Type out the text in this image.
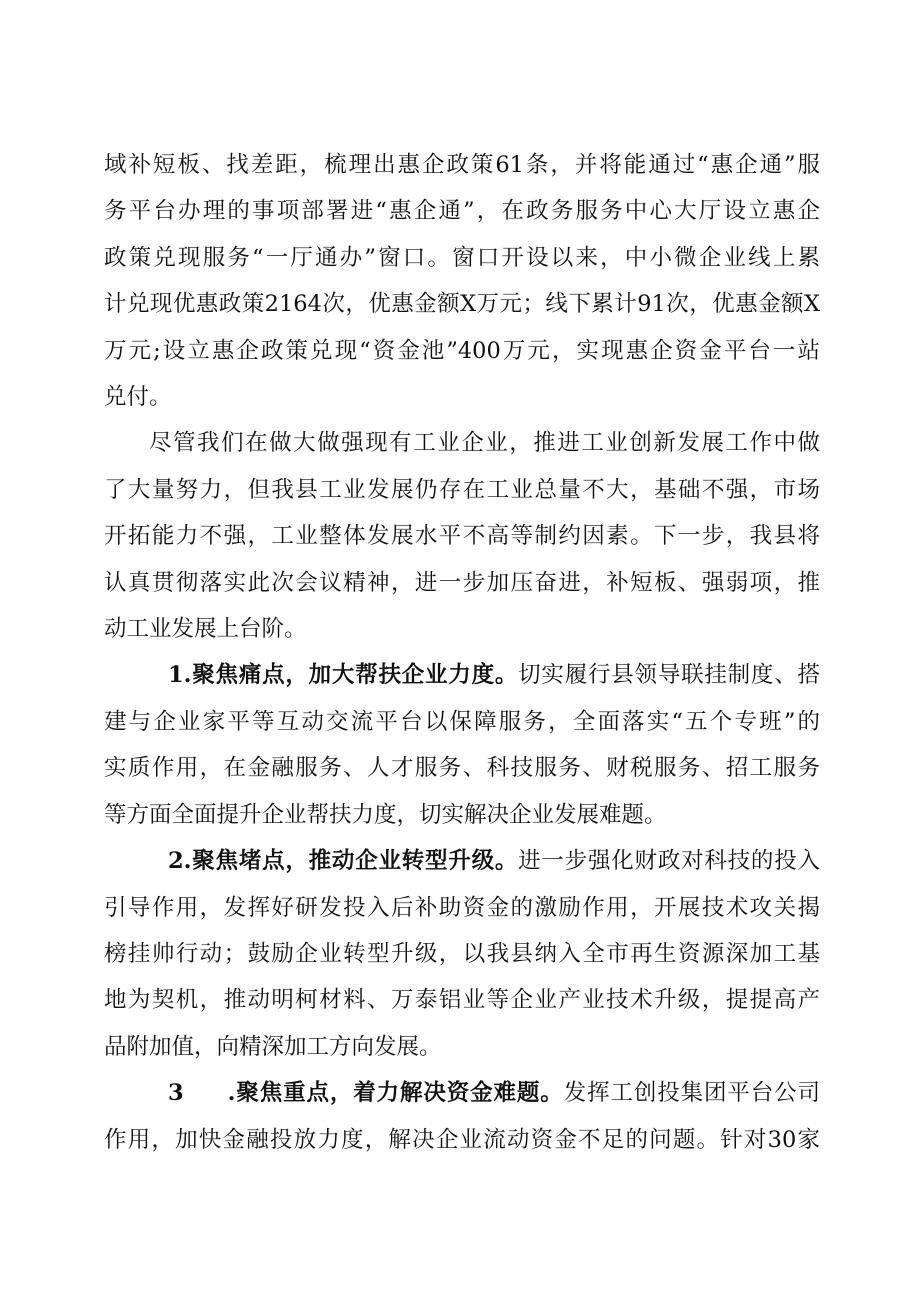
域补短板、找差距，梳理出惠企政策61条，并将能通过“惠企通”服
务平台办理的事项部署进“惠企通”，在政务服务中心大厅设立惠企
政策兑现服务“一厅通办”窗口。窗口开设以来，中小微企业线上累
计兑现优惠政策2164次，优惠金额X万元；线下累计91次，优惠金额X
万元;设立惠企政策兑现“资金池”400万元，实现惠企资金平台一站
兑付。

尽管我们在做大做强现有工业企业，推进工业创新发展工作中做
了大量努力，但我县工业发展仍存在工业总量不大，基础不强，市场
开拓能力不强，工业整体发展水平不高等制约因素。下一步，我县将
认真贯彻落实此次会议精神，进一步加压奋进，补短板、强弱项，推
动工业发展上台阶。

1.聚焦痛点，加大帮扶企业力度。切实履行县领导联挂制度、搭
建与企业家平等互动交流平台以保障服务，全面落实“五个专班”的
实质作用，在金融服务、人才服务、科技服务、财税服务、招工服务
等方面全面提升企业帮扶力度，切实解决企业发展难题。

2.聚焦堵点，推动企业转型升级。进一步强化财政对科技的投入
引导作用，发挥好研发投入后补助资金的激励作用，开展技术攻关揭
榜挂帅行动；鼓励企业转型升级，以我县纳入全市再生资源深加工基
地为契机，推动明柯材料、万泰铝业等企业产业技术升级，提提高产
品附加值，向精深加工方向发展。

3 .聚焦重点，着力解决资金难题。发挥工创投集团平台公司
作用，加快金融投放力度，解决企业流动资金不足的问题。针对30家
